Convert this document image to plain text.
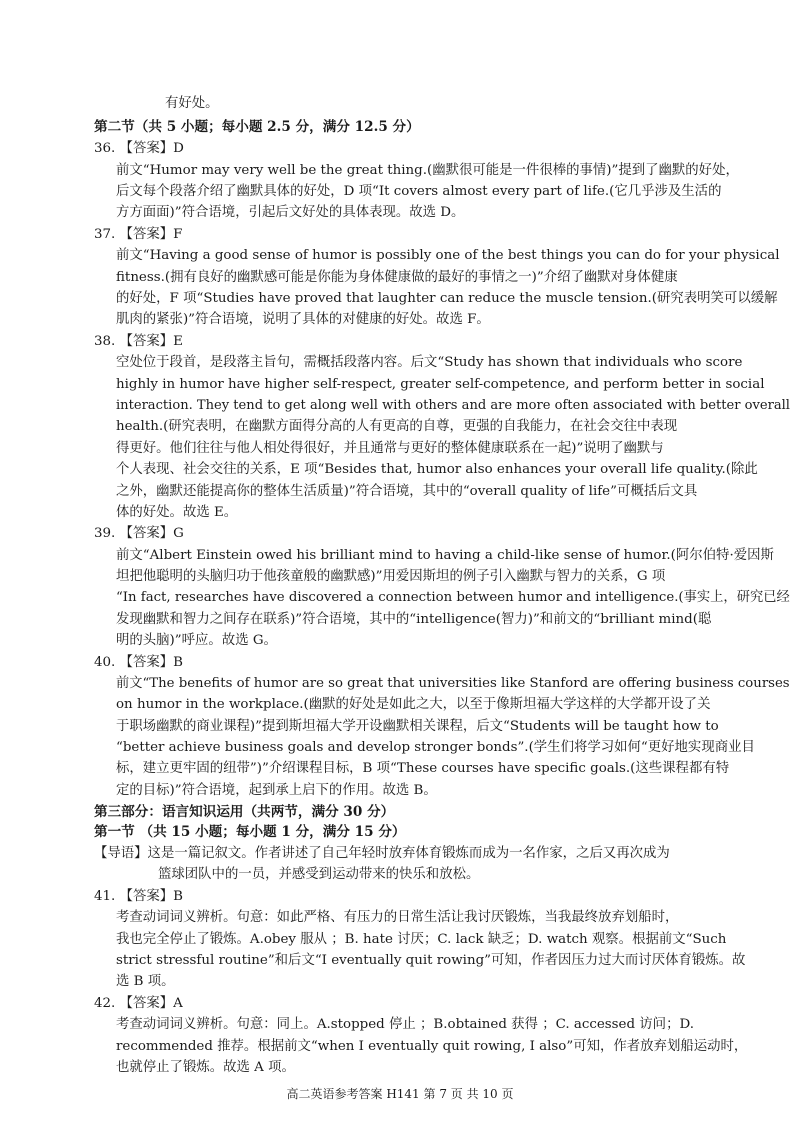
有好处。
第二节（共 5 小题；每小题 2.5 分，满分 12.5 分）
36. 【答案】D
前文“Humor may very well be the great thing.(幽默很可能是一件很棒的事情)”提到了幽默的好处，
后文每个段落介绍了幽默具体的好处，D 项“It covers almost every part of life.(它几乎涉及生活的
方方面面)”符合语境，引起后文好处的具体表现。故选 D。
37. 【答案】F
前文“Having a good sense of humor is possibly one of the best things you can do for your physical
fitness.(拥有良好的幽默感可能是你能为身体健康做的最好的事情之一)”介绍了幽默对身体健康
的好处，F 项“Studies have proved that laughter can reduce the muscle tension.(研究表明笑可以缓解
肌肉的紧张)”符合语境，说明了具体的对健康的好处。故选 F。
38. 【答案】E
空处位于段首，是段落主旨句，需概括段落内容。后文“Study has shown that individuals who score
highly in humor have higher self-respect, greater self-competence, and perform better in social
interaction. They tend to get along well with others and are more often associated with better overall
health.(研究表明，在幽默方面得分高的人有更高的自尊，更强的自我能力，在社会交往中表现
得更好。他们往往与他人相处得很好，并且通常与更好的整体健康联系在一起)”说明了幽默与
个人表现、社会交往的关系，E 项“Besides that, humor also enhances your overall life quality.(除此
之外，幽默还能提高你的整体生活质量)”符合语境，其中的“overall quality of life”可概括后文具
体的好处。故选 E。
39. 【答案】G
前文“Albert Einstein owed his brilliant mind to having a child-like sense of humor.(阿尔伯特·爱因斯
坦把他聪明的头脑归功于他孩童般的幽默感)”用爱因斯坦的例子引入幽默与智力的关系，G 项
“In fact, researches have discovered a connection between humor and intelligence.(事实上，研究已经
发现幽默和智力之间存在联系)”符合语境，其中的“intelligence(智力)”和前文的“brilliant mind(聪
明的头脑)”呼应。故选 G。
40. 【答案】B
前文“The benefits of humor are so great that universities like Stanford are offering business courses
on humor in the workplace.(幽默的好处是如此之大，以至于像斯坦福大学这样的大学都开设了关
于职场幽默的商业课程)”提到斯坦福大学开设幽默相关课程，后文“Students will be taught how to
“better achieve business goals and develop stronger bonds”.(学生们将学习如何“更好地实现商业目
标，建立更牢固的纽带”)”介绍课程目标，B 项“These courses have specific goals.(这些课程都有特
定的目标)”符合语境，起到承上启下的作用。故选 B。
第三部分：语言知识运用（共两节，满分 30 分）
第一节 （共 15 小题；每小题 1 分，满分 15 分）
【导语】这是一篇记叙文。作者讲述了自己年轻时放弃体育锻炼而成为一名作家，之后又再次成为
篮球团队中的一员，并感受到运动带来的快乐和放松。
41. 【答案】B
考查动词词义辨析。句意：如此严格、有压力的日常生活让我讨厌锻炼，当我最终放弃划船时，
我也完全停止了锻炼。A.obey 服从 ；B. hate 讨厌；C. lack 缺乏；D. watch 观察。根据前文“Such
strict stressful routine”和后文“I eventually quit rowing”可知，作者因压力过大而讨厌体育锻炼。故
选 B 项。
42. 【答案】A
考查动词词义辨析。句意：同上。A.stopped 停止 ；B.obtained 获得 ；C. accessed 访问；D.
recommended 推荐。根据前文“when I eventually quit rowing, I also”可知，作者放弃划船运动时，
也就停止了锻炼。故选 A 项。
高二英语参考答案 H141 第 7 页 共 10 页
